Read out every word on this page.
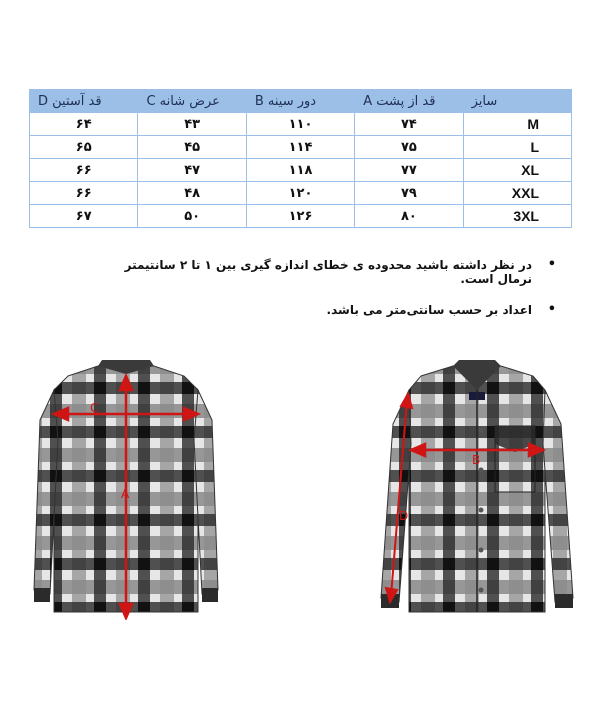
سایز	قد از پشت A	دور سینه B	عرض شانه C	قد آستین D
M	۷۴	۱۱۰	۴۳	۶۴
L	۷۵	۱۱۴	۴۵	۶۵
XL	۷۷	۱۱۸	۴۷	۶۶
XXL	۷۹	۱۲۰	۴۸	۶۶
3XL	۸۰	۱۲۶	۵۰	۶۷
•
در نظر داشته باشید محدوده ی خطای اندازه گیری بین ۱ تا ۲ سانتیمتر نرمال است.
•
اعداد بر حسب سانتی‌متر می باشد.
A
C
B
D
